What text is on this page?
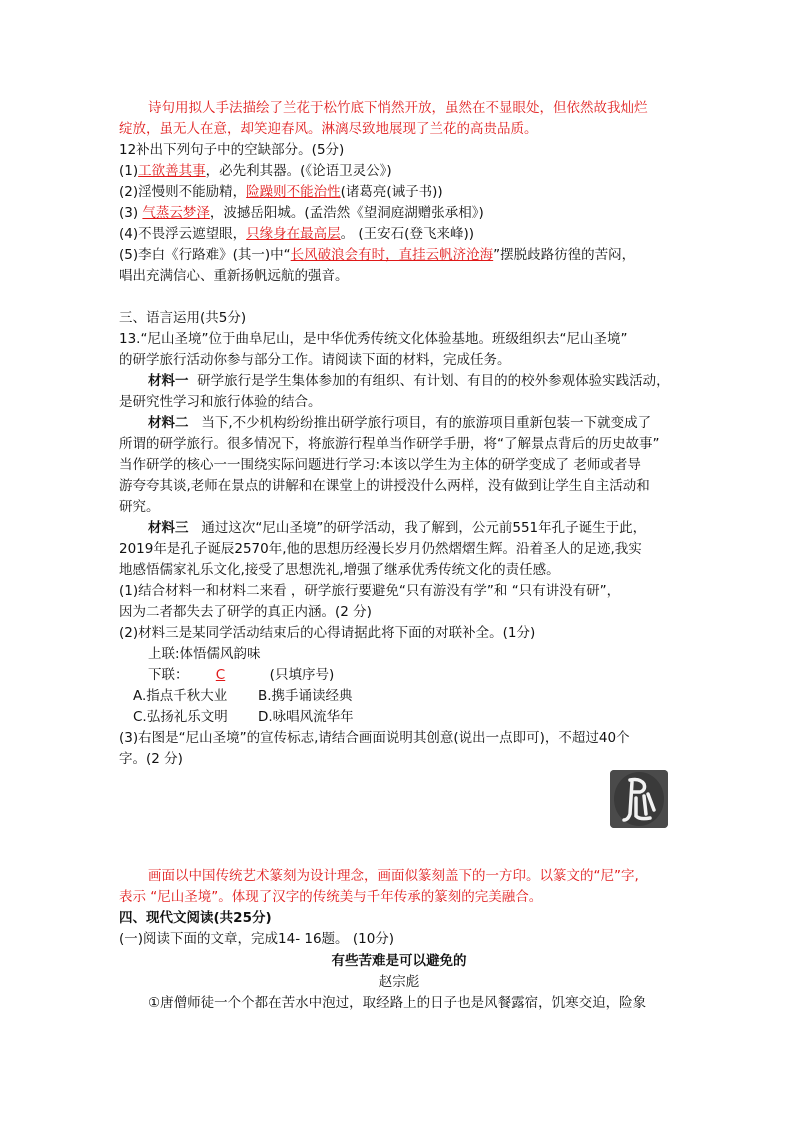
诗句用拟人手法描绘了兰花于松竹底下悄然开放，虽然在不显眼处，但依然故我灿烂
绽放，虽无人在意，却笑迎春风。淋漓尽致地展现了兰花的高贵品质。
12补出下列句子中的空缺部分。(5分)
(1)工欲善其事，必先利其器。(《论语卫灵公》)
(2)淫慢则不能励精，险躁则不能治性(诸葛亮(诫子书))
(3) 气蒸云梦泽，波撼岳阳城。(孟浩然《望洞庭湖赠张承相》)
(4)不畏浮云遮望眼，只缘身在最高层。 (王安石(登飞来峰))
(5)李白《行路难》(其一)中“长风破浪会有时，直挂云帆济沧海”摆脱歧路彷徨的苦闷，
唱出充满信心、重新扬帆远航的强音。
三、语言运用(共5分)
13.“尼山圣境”位于曲阜尼山，是中华优秀传统文化体验基地。班级组织去“尼山圣境”
的研学旅行活动你参与部分工作。请阅读下面的材料，完成任务。
材料一 研学旅行是学生集体参加的有组织、有计划、有目的的校外参观体验实践活动，
是研究性学习和旅行体验的结合。
材料二 当下,不少机构纷纷推出研学旅行项目，有的旅游项目重新包装一下就变成了
所谓的研学旅行。很多情况下，将旅游行程单当作研学手册，将“了解景点背后的历史故事”
当作研学的核心一一围绕实际问题进行学习:本该以学生为主体的研学变成了 老师或者导
游夸夸其谈,老师在景点的讲解和在课堂上的讲授没什么两样，没有做到让学生自主活动和
研究。
材料三 通过这次“尼山圣境”的研学活动，我了解到，公元前551年孔子诞生于此，
2019年是孔子诞辰2570年,他的思想历经漫长岁月仍然熠熠生辉。沿着圣人的足迹,我实
地感悟儒家礼乐文化,接受了思想洗礼,增强了继承优秀传统文化的责任感。
(1)结合材料一和材料二来看 ，研学旅行要避免“只有游没有学”和 “只有讲没有研”，
因为二者都失去了研学的真正内涵。(2 分)
(2)材料三是某同学活动结束后的心得请据此将下面的对联补全。(1分)
上联:体悟儒风韵味
下联： C	(只填序号)
A.指点千秋大业 B.携手诵读经典
C.弘扬礼乐文明 D.咏唱风流华年
(3)右图是“尼山圣境”的宣传标志,请结合画面说明其创意(说出一点即可)，不超过40个
字。(2 分)
尼
画面以中国传统艺术篆刻为设计理念，画面似篆刻盖下的一方印。以篆文的“尼”字,
表示 “尼山圣境”。体现了汉字的传统美与千年传承的篆刻的完美融合。
四、现代文阅读(共25分)
(一)阅读下面的文章，完成14- 16题。 (10分)
有些苦难是可以避免的
赵宗彪
①唐僧师徒一个个都在苦水中泡过，取经路上的日子也是风餐露宿，饥寒交迫，险象
